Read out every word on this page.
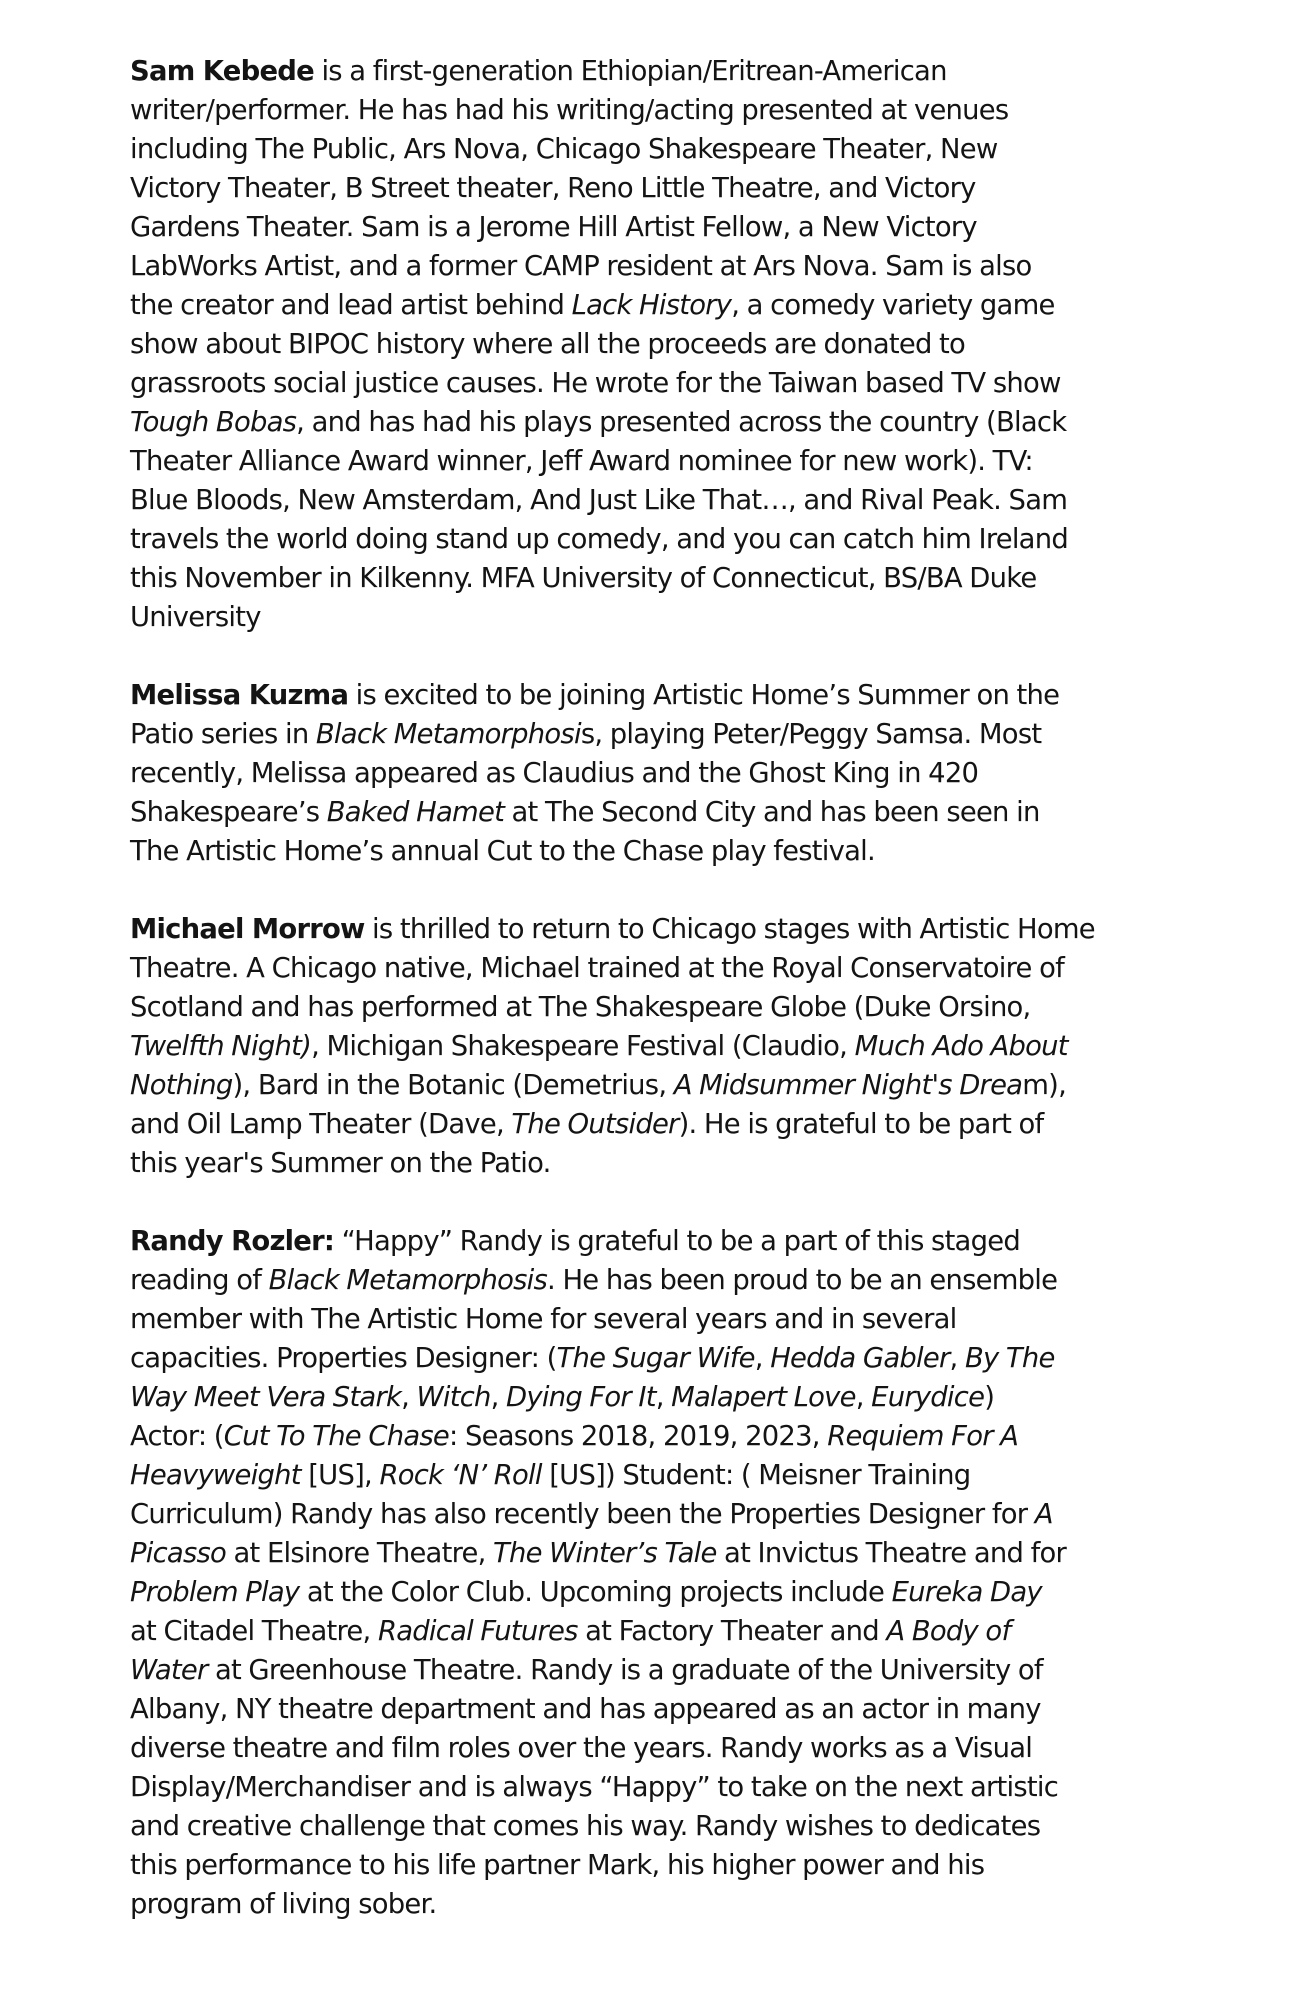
Sam Kebede is a first-generation Ethiopian/Eritrean-American
writer/performer. He has had his writing/acting presented at venues
including The Public, Ars Nova, Chicago Shakespeare Theater, New
Victory Theater, B Street theater, Reno Little Theatre, and Victory
Gardens Theater. Sam is a Jerome Hill Artist Fellow, a New Victory
LabWorks Artist, and a former CAMP resident at Ars Nova. Sam is also
the creator and lead artist behind Lack History, a comedy variety game
show about BIPOC history where all the proceeds are donated to
grassroots social justice causes. He wrote for the Taiwan based TV show
Tough Bobas, and has had his plays presented across the country (Black
Theater Alliance Award winner, Jeff Award nominee for new work). TV:
Blue Bloods, New Amsterdam, And Just Like That…, and Rival Peak. Sam
travels the world doing stand up comedy, and you can catch him Ireland
this November in Kilkenny. MFA University of Connecticut, BS/BA Duke
University

Melissa Kuzma is excited to be joining Artistic Home’s Summer on the
Patio series in Black Metamorphosis, playing Peter/Peggy Samsa. Most
recently, Melissa appeared as Claudius and the Ghost King in 420
Shakespeare’s Baked Hamet at The Second City and has been seen in
The Artistic Home’s annual Cut to the Chase play festival.

Michael Morrow is thrilled to return to Chicago stages with Artistic Home
Theatre. A Chicago native, Michael trained at the Royal Conservatoire of
Scotland and has performed at The Shakespeare Globe (Duke Orsino,
Twelfth Night), Michigan Shakespeare Festival (Claudio, Much Ado About
Nothing), Bard in the Botanic (Demetrius, A Midsummer Night's Dream),
and Oil Lamp Theater (Dave, The Outsider). He is grateful to be part of
this year's Summer on the Patio.

Randy Rozler: “Happy” Randy is grateful to be a part of this staged
reading of Black Metamorphosis. He has been proud to be an ensemble
member with The Artistic Home for several years and in several
capacities. Properties Designer: (The Sugar Wife, Hedda Gabler, By The
Way Meet Vera Stark, Witch, Dying For It, Malapert Love, Eurydice)
Actor: (Cut To The Chase: Seasons 2018, 2019, 2023, Requiem For A
Heavyweight [US], Rock ‘N’ Roll [US]) Student: ( Meisner Training
Curriculum) Randy has also recently been the Properties Designer for A
Picasso at Elsinore Theatre, The Winter’s Tale at Invictus Theatre and for
Problem Play at the Color Club. Upcoming projects include Eureka Day
at Citadel Theatre, Radical Futures at Factory Theater and A Body of
Water at Greenhouse Theatre. Randy is a graduate of the University of
Albany, NY theatre department and has appeared as an actor in many
diverse theatre and film roles over the years. Randy works as a Visual
Display/Merchandiser and is always “Happy” to take on the next artistic
and creative challenge that comes his way. Randy wishes to dedicates
this performance to his life partner Mark, his higher power and his
program of living sober.
